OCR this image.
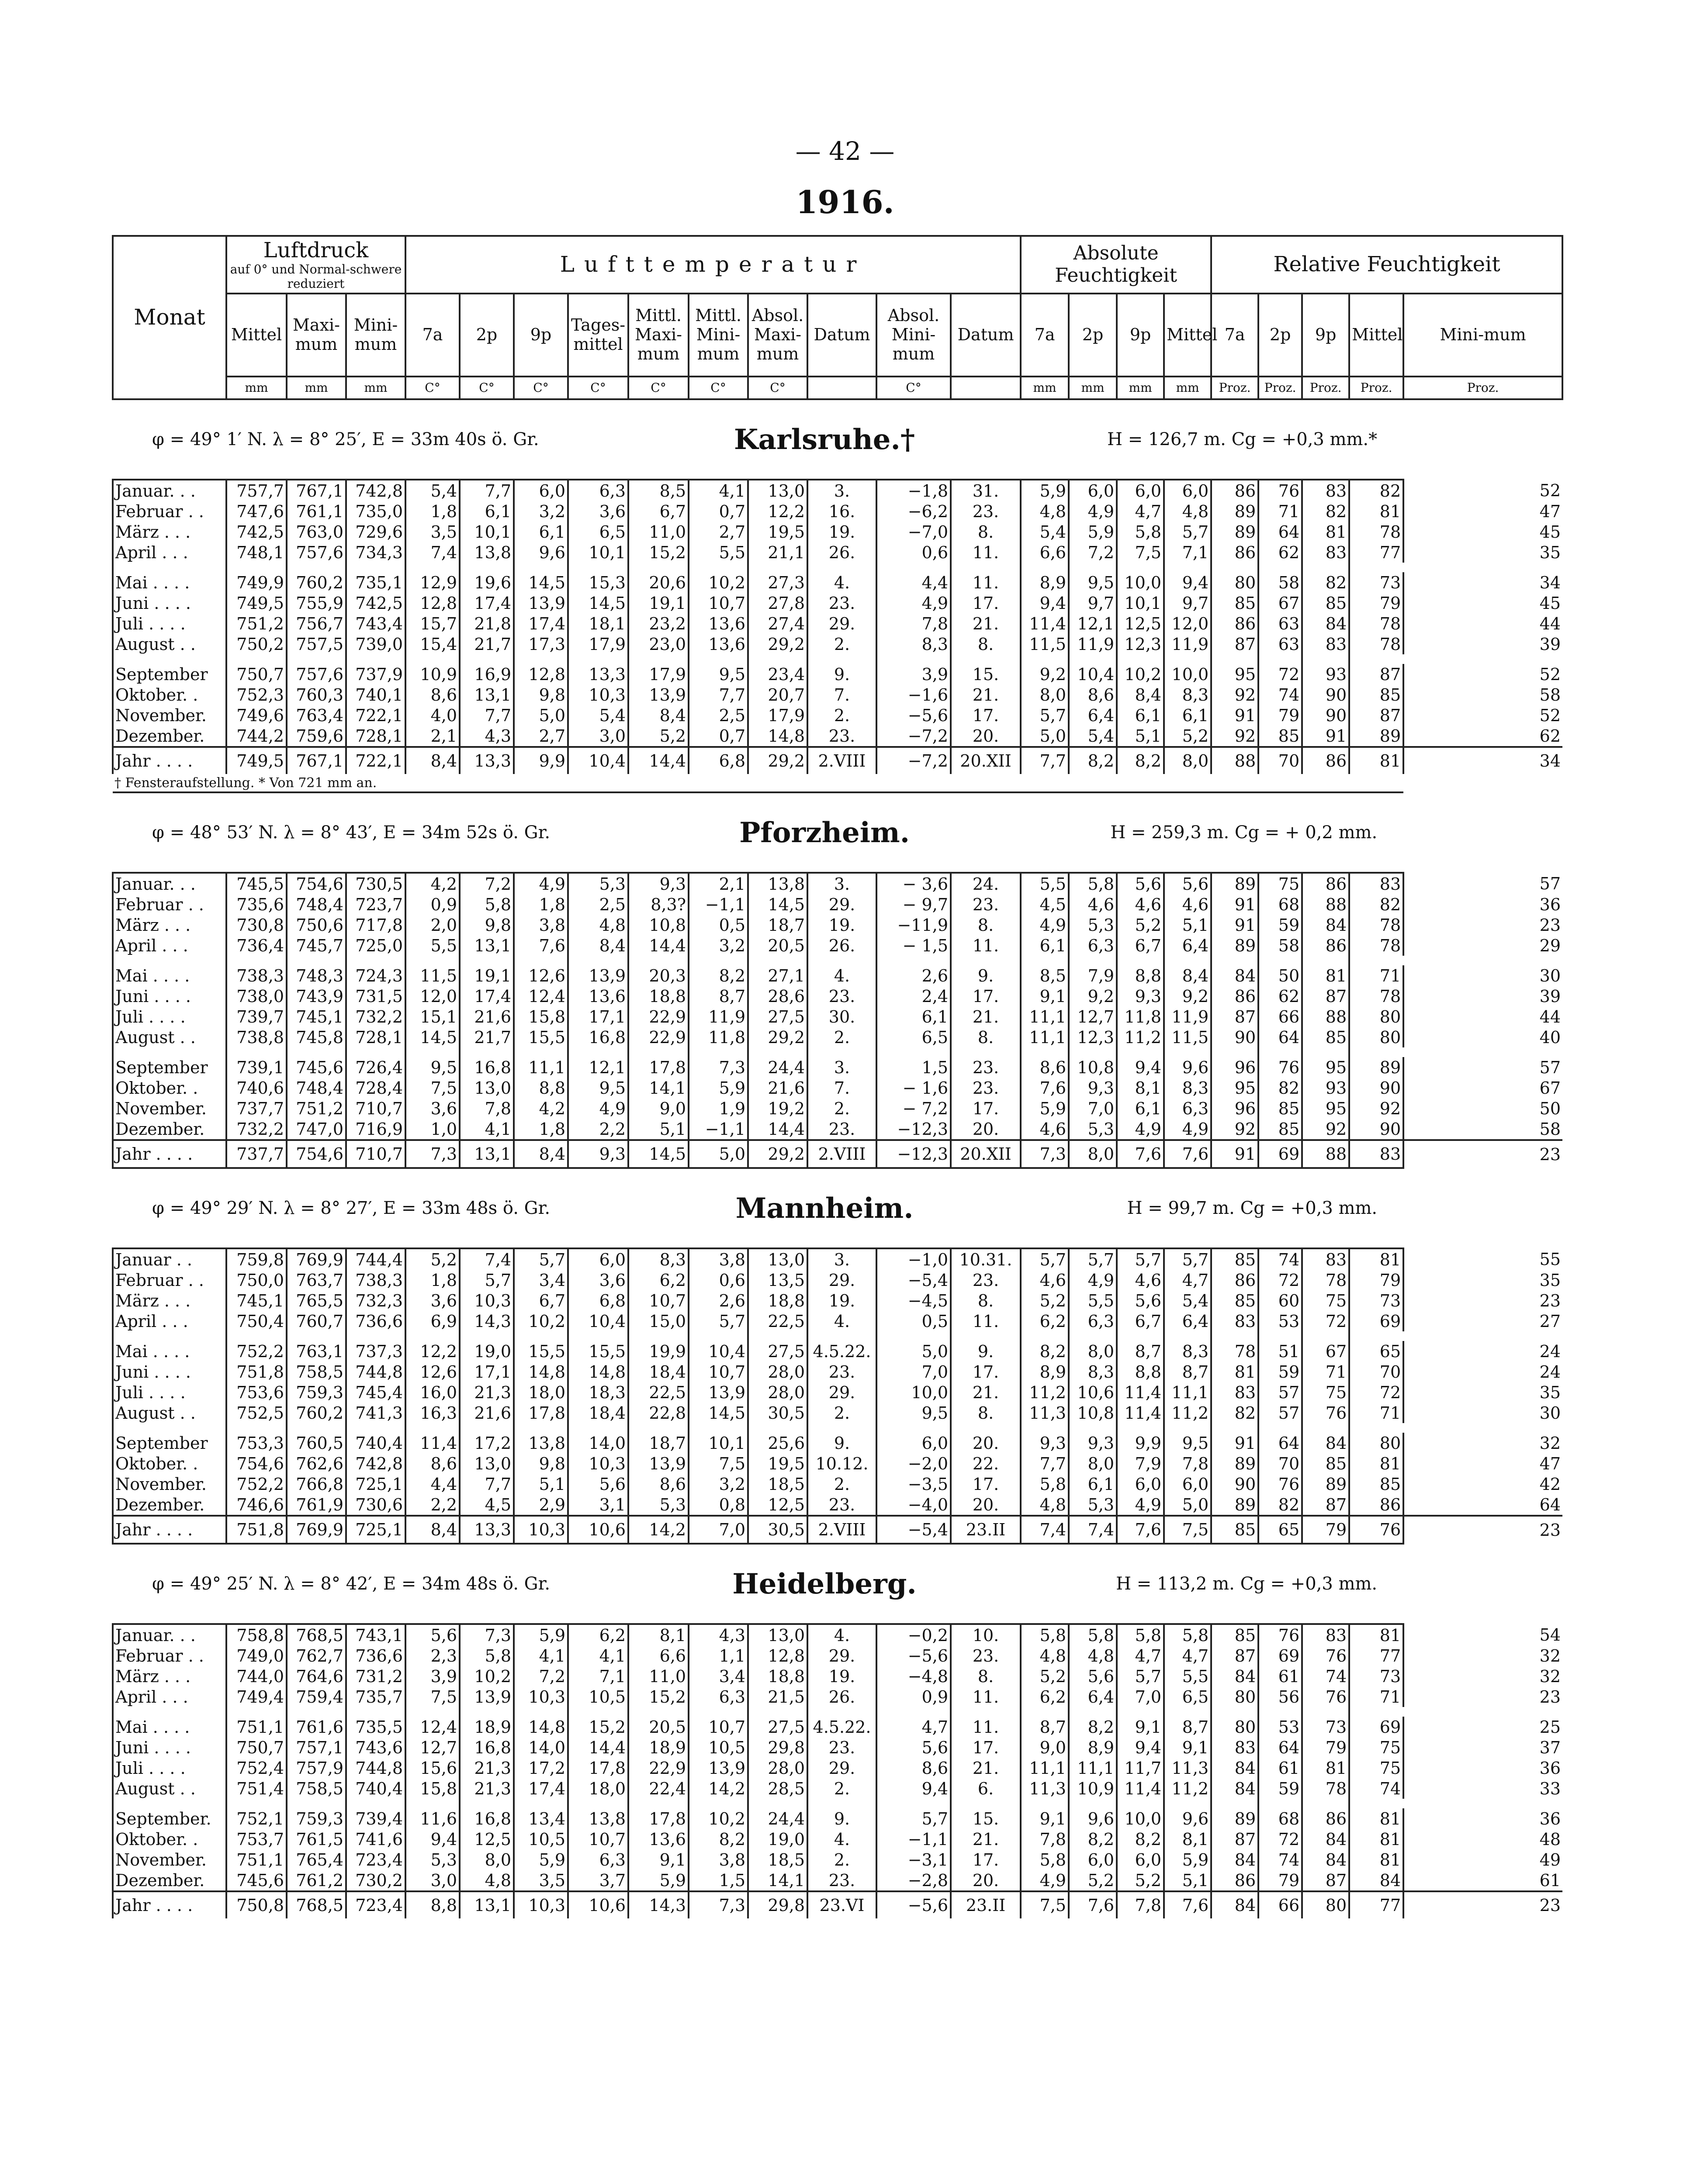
— 42 —
1916.
Monat	Luftdruck
auf 0° und Normal-schwere reduziert			Lufttemperatur										Absolute Feuchtigkeit				Relative Feuchtigkeit				
	Mittel	Maxi-mum	Mini-mum	7a	2p	9p	Tages-mittel	Mittl. Maxi-mum	Mittl. Mini-mum	Absol. Maxi-mum	Datum	Absol. Mini-mum	Datum	7a	2p	9p	Mittel	7a	2p	9p	Mittel	Mini-mum
	mm	mm	mm	C°	C°	C°	C°	C°	C°	C°		C°		mm	mm	mm	mm	Proz.	Proz.	Proz.	Proz.	Proz.
φ = 49° 1′ N. λ = 8° 25′, E = 33m 40s ö. Gr.								Karlsruhe.†						H = 126,7 m. Cg = +0,3 mm.*								
Januar. . .	757,7	767,1	742,8	5,4	7,7	6,0	6,3	8,5	4,1	13,0	3.	−1,8	31.	5,9	6,0	6,0	6,0	86	76	83	82	52
Februar . .	747,6	761,1	735,0	1,8	6,1	3,2	3,6	6,7	0,7	12,2	16.	−6,2	23.	4,8	4,9	4,7	4,8	89	71	82	81	47
März . . .	742,5	763,0	729,6	3,5	10,1	6,1	6,5	11,0	2,7	19,5	19.	−7,0	8.	5,4	5,9	5,8	5,7	89	64	81	78	45
April . . .	748,1	757,6	734,3	7,4	13,8	9,6	10,1	15,2	5,5	21,1	26.	0,6	11.	6,6	7,2	7,5	7,1	86	62	83	77	35

Mai . . . .	749,9	760,2	735,1	12,9	19,6	14,5	15,3	20,6	10,2	27,3	4.	4,4	11.	8,9	9,5	10,0	9,4	80	58	82	73	34
Juni . . . .	749,5	755,9	742,5	12,8	17,4	13,9	14,5	19,1	10,7	27,8	23.	4,9	17.	9,4	9,7	10,1	9,7	85	67	85	79	45
Juli . . . .	751,2	756,7	743,4	15,7	21,8	17,4	18,1	23,2	13,6	27,4	29.	7,8	21.	11,4	12,1	12,5	12,0	86	63	84	78	44
August . .	750,2	757,5	739,0	15,4	21,7	17,3	17,9	23,0	13,6	29,2	2.	8,3	8.	11,5	11,9	12,3	11,9	87	63	83	78	39

September	750,7	757,6	737,9	10,9	16,9	12,8	13,3	17,9	9,5	23,4	9.	3,9	15.	9,2	10,4	10,2	10,0	95	72	93	87	52
Oktober. .	752,3	760,3	740,1	8,6	13,1	9,8	10,3	13,9	7,7	20,7	7.	−1,6	21.	8,0	8,6	8,4	8,3	92	74	90	85	58
November.	749,6	763,4	722,1	4,0	7,7	5,0	5,4	8,4	2,5	17,9	2.	−5,6	17.	5,7	6,4	6,1	6,1	91	79	90	87	52
Dezember.	744,2	759,6	728,1	2,1	4,3	2,7	3,0	5,2	0,7	14,8	23.	−7,2	20.	5,0	5,4	5,1	5,2	92	85	91	89	62
Jahr . . . .	749,5	767,1	722,1	8,4	13,3	9,9	10,4	14,4	6,8	29,2	2.VIII	−7,2	20.XII	7,7	8,2	8,2	8,0	88	70	86	81	34
† Fensteraufstellung. * Von 721 mm an.																						
φ = 48° 53′ N. λ = 8° 43′, E = 34m 52s ö. Gr.								Pforzheim.						H = 259,3 m. Cg = + 0,2 mm.								
Januar. . .	745,5	754,6	730,5	4,2	7,2	4,9	5,3	9,3	2,1	13,8	3.	− 3,6	24.	5,5	5,8	5,6	5,6	89	75	86	83	57
Februar . .	735,6	748,4	723,7	0,9	5,8	1,8	2,5	8,3?	−1,1	14,5	29.	− 9,7	23.	4,5	4,6	4,6	4,6	91	68	88	82	36
März . . .	730,8	750,6	717,8	2,0	9,8	3,8	4,8	10,8	0,5	18,7	19.	−11,9	8.	4,9	5,3	5,2	5,1	91	59	84	78	23
April . . .	736,4	745,7	725,0	5,5	13,1	7,6	8,4	14,4	3,2	20,5	26.	− 1,5	11.	6,1	6,3	6,7	6,4	89	58	86	78	29

Mai . . . .	738,3	748,3	724,3	11,5	19,1	12,6	13,9	20,3	8,2	27,1	4.	2,6	9.	8,5	7,9	8,8	8,4	84	50	81	71	30
Juni . . . .	738,0	743,9	731,5	12,0	17,4	12,4	13,6	18,8	8,7	28,6	23.	2,4	17.	9,1	9,2	9,3	9,2	86	62	87	78	39
Juli . . . .	739,7	745,1	732,2	15,1	21,6	15,8	17,1	22,9	11,9	27,5	30.	6,1	21.	11,1	12,7	11,8	11,9	87	66	88	80	44
August . .	738,8	745,8	728,1	14,5	21,7	15,5	16,8	22,9	11,8	29,2	2.	6,5	8.	11,1	12,3	11,2	11,5	90	64	85	80	40

September	739,1	745,6	726,4	9,5	16,8	11,1	12,1	17,8	7,3	24,4	3.	1,5	23.	8,6	10,8	9,4	9,6	96	76	95	89	57
Oktober. .	740,6	748,4	728,4	7,5	13,0	8,8	9,5	14,1	5,9	21,6	7.	− 1,6	23.	7,6	9,3	8,1	8,3	95	82	93	90	67
November.	737,7	751,2	710,7	3,6	7,8	4,2	4,9	9,0	1,9	19,2	2.	− 7,2	17.	5,9	7,0	6,1	6,3	96	85	95	92	50
Dezember.	732,2	747,0	716,9	1,0	4,1	1,8	2,2	5,1	−1,1	14,4	23.	−12,3	20.	4,6	5,3	4,9	4,9	92	85	92	90	58
Jahr . . . .	737,7	754,6	710,7	7,3	13,1	8,4	9,3	14,5	5,0	29,2	2.VIII	−12,3	20.XII	7,3	8,0	7,6	7,6	91	69	88	83	23
φ = 49° 29′ N. λ = 8° 27′, E = 33m 48s ö. Gr.								Mannheim.						H = 99,7 m. Cg = +0,3 mm.								
Januar . .	759,8	769,9	744,4	5,2	7,4	5,7	6,0	8,3	3,8	13,0	3.	−1,0	10.31.	5,7	5,7	5,7	5,7	85	74	83	81	55
Februar . .	750,0	763,7	738,3	1,8	5,7	3,4	3,6	6,2	0,6	13,5	29.	−5,4	23.	4,6	4,9	4,6	4,7	86	72	78	79	35
März . . .	745,1	765,5	732,3	3,6	10,3	6,7	6,8	10,7	2,6	18,8	19.	−4,5	8.	5,2	5,5	5,6	5,4	85	60	75	73	23
April . . .	750,4	760,7	736,6	6,9	14,3	10,2	10,4	15,0	5,7	22,5	4.	0,5	11.	6,2	6,3	6,7	6,4	83	53	72	69	27

Mai . . . .	752,2	763,1	737,3	12,2	19,0	15,5	15,5	19,9	10,4	27,5	4.5.22.	5,0	9.	8,2	8,0	8,7	8,3	78	51	67	65	24
Juni . . . .	751,8	758,5	744,8	12,6	17,1	14,8	14,8	18,4	10,7	28,0	23.	7,0	17.	8,9	8,3	8,8	8,7	81	59	71	70	24
Juli . . . .	753,6	759,3	745,4	16,0	21,3	18,0	18,3	22,5	13,9	28,0	29.	10,0	21.	11,2	10,6	11,4	11,1	83	57	75	72	35
August . .	752,5	760,2	741,3	16,3	21,6	17,8	18,4	22,8	14,5	30,5	2.	9,5	8.	11,3	10,8	11,4	11,2	82	57	76	71	30

September	753,3	760,5	740,4	11,4	17,2	13,8	14,0	18,7	10,1	25,6	9.	6,0	20.	9,3	9,3	9,9	9,5	91	64	84	80	32
Oktober. .	754,6	762,6	742,8	8,6	13,0	9,8	10,3	13,9	7,5	19,5	10.12.	−2,0	22.	7,7	8,0	7,9	7,8	89	70	85	81	47
November.	752,2	766,8	725,1	4,4	7,7	5,1	5,6	8,6	3,2	18,5	2.	−3,5	17.	5,8	6,1	6,0	6,0	90	76	89	85	42
Dezember.	746,6	761,9	730,6	2,2	4,5	2,9	3,1	5,3	0,8	12,5	23.	−4,0	20.	4,8	5,3	4,9	5,0	89	82	87	86	64
Jahr . . . .	751,8	769,9	725,1	8,4	13,3	10,3	10,6	14,2	7,0	30,5	2.VIII	−5,4	23.II	7,4	7,4	7,6	7,5	85	65	79	76	23
φ = 49° 25′ N. λ = 8° 42′, E = 34m 48s ö. Gr.								Heidelberg.						H = 113,2 m. Cg = +0,3 mm.								
Januar. . .	758,8	768,5	743,1	5,6	7,3	5,9	6,2	8,1	4,3	13,0	4.	−0,2	10.	5,8	5,8	5,8	5,8	85	76	83	81	54
Februar . .	749,0	762,7	736,6	2,3	5,8	4,1	4,1	6,6	1,1	12,8	29.	−5,6	23.	4,8	4,8	4,7	4,7	87	69	76	77	32
März . . .	744,0	764,6	731,2	3,9	10,2	7,2	7,1	11,0	3,4	18,8	19.	−4,8	8.	5,2	5,6	5,7	5,5	84	61	74	73	32
April . . .	749,4	759,4	735,7	7,5	13,9	10,3	10,5	15,2	6,3	21,5	26.	0,9	11.	6,2	6,4	7,0	6,5	80	56	76	71	23

Mai . . . .	751,1	761,6	735,5	12,4	18,9	14,8	15,2	20,5	10,7	27,5	4.5.22.	4,7	11.	8,7	8,2	9,1	8,7	80	53	73	69	25
Juni . . . .	750,7	757,1	743,6	12,7	16,8	14,0	14,4	18,9	10,5	29,8	23.	5,6	17.	9,0	8,9	9,4	9,1	83	64	79	75	37
Juli . . . .	752,4	757,9	744,8	15,6	21,3	17,2	17,8	22,9	13,9	28,0	29.	8,6	21.	11,1	11,1	11,7	11,3	84	61	81	75	36
August . .	751,4	758,5	740,4	15,8	21,3	17,4	18,0	22,4	14,2	28,5	2.	9,4	6.	11,3	10,9	11,4	11,2	84	59	78	74	33

September.	752,1	759,3	739,4	11,6	16,8	13,4	13,8	17,8	10,2	24,4	9.	5,7	15.	9,1	9,6	10,0	9,6	89	68	86	81	36
Oktober. .	753,7	761,5	741,6	9,4	12,5	10,5	10,7	13,6	8,2	19,0	4.	−1,1	21.	7,8	8,2	8,2	8,1	87	72	84	81	48
November.	751,1	765,4	723,4	5,3	8,0	5,9	6,3	9,1	3,8	18,5	2.	−3,1	17.	5,8	6,0	6,0	5,9	84	74	84	81	49
Dezember.	745,6	761,2	730,2	3,0	4,8	3,5	3,7	5,9	1,5	14,1	23.	−2,8	20.	4,9	5,2	5,2	5,1	86	79	87	84	61
Jahr . . . .	750,8	768,5	723,4	8,8	13,1	10,3	10,6	14,3	7,3	29,8	23.VI	−5,6	23.II	7,5	7,6	7,8	7,6	84	66	80	77	23
